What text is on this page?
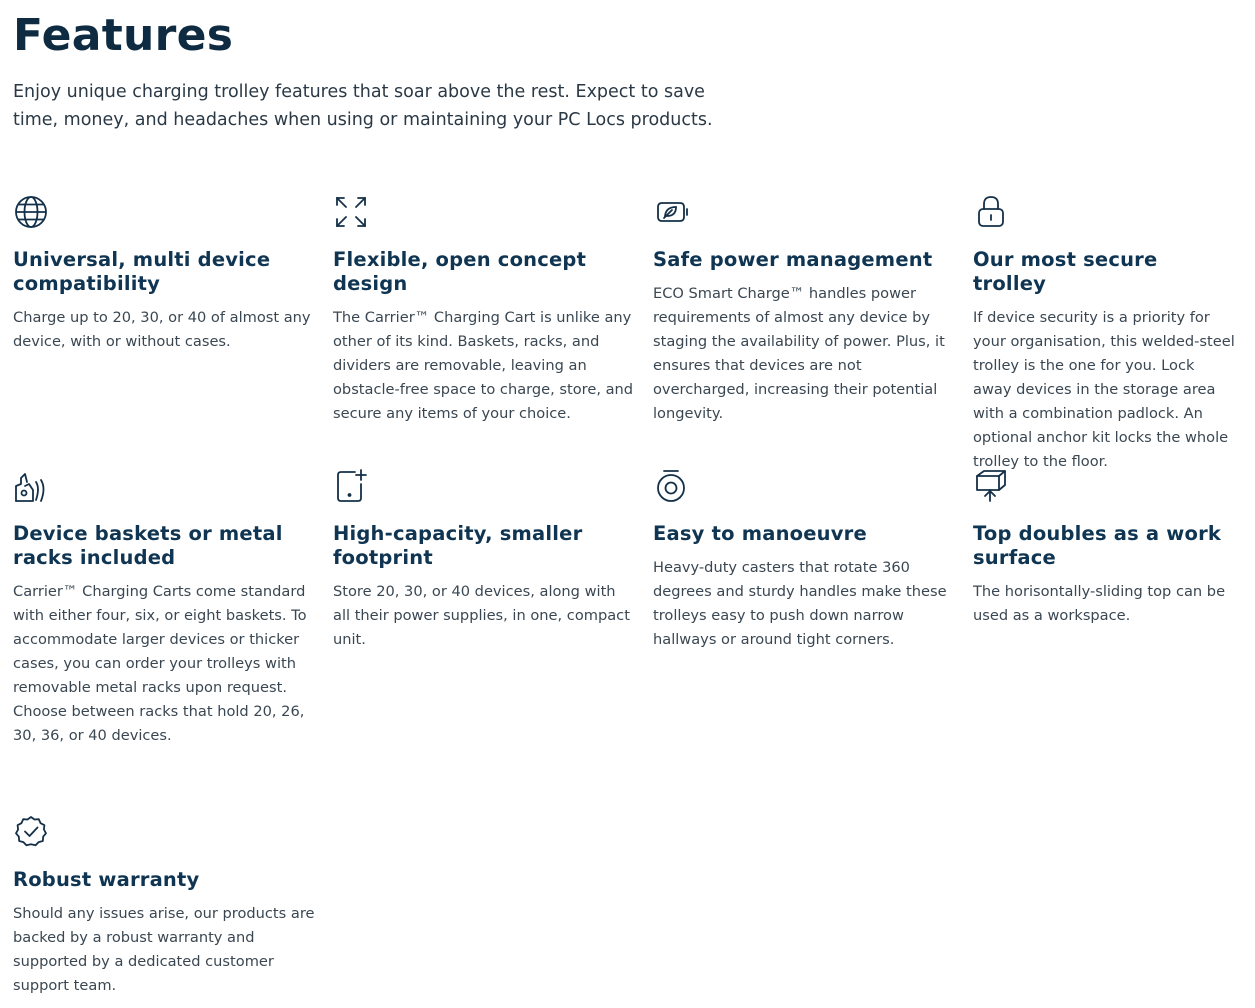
Features

Enjoy unique charging trolley features that soar above the rest. Expect to save time, money, and headaches when using or maintaining your PC Locs products.

Universal, multi device compatibility

Charge up to 20, 30, or 40 of almost any device, with or without cases.

Flexible, open concept design

The Carrier™ Charging Cart is unlike any other of its kind. Baskets, racks, and dividers are removable, leaving an obstacle-free space to charge, store, and secure any items of your choice.

Safe power management

ECO Smart Charge™ handles power requirements of almost any device by staging the availability of power. Plus, it ensures that devices are not overcharged, increasing their potential longevity.

Our most secure trolley

If device security is a priority for your organisation, this welded-steel trolley is the one for you. Lock away devices in the storage area with a combination padlock. An optional anchor kit locks the whole trolley to the floor.

Device baskets or metal racks included

Carrier™ Charging Carts come standard with either four, six, or eight baskets. To accommodate larger devices or thicker cases, you can order your trolleys with removable metal racks upon request. Choose between racks that hold 20, 26, 30, 36, or 40 devices.

High-capacity, smaller footprint

Store 20, 30, or 40 devices, along with all their power supplies, in one, compact unit.

Easy to manoeuvre

Heavy-duty casters that rotate 360 degrees and sturdy handles make these trolleys easy to push down narrow hallways or around tight corners.

Top doubles as a work surface

The horisontally-sliding top can be used as a workspace.

Robust warranty

Should any issues arise, our products are backed by a robust warranty and supported by a dedicated customer support team.
